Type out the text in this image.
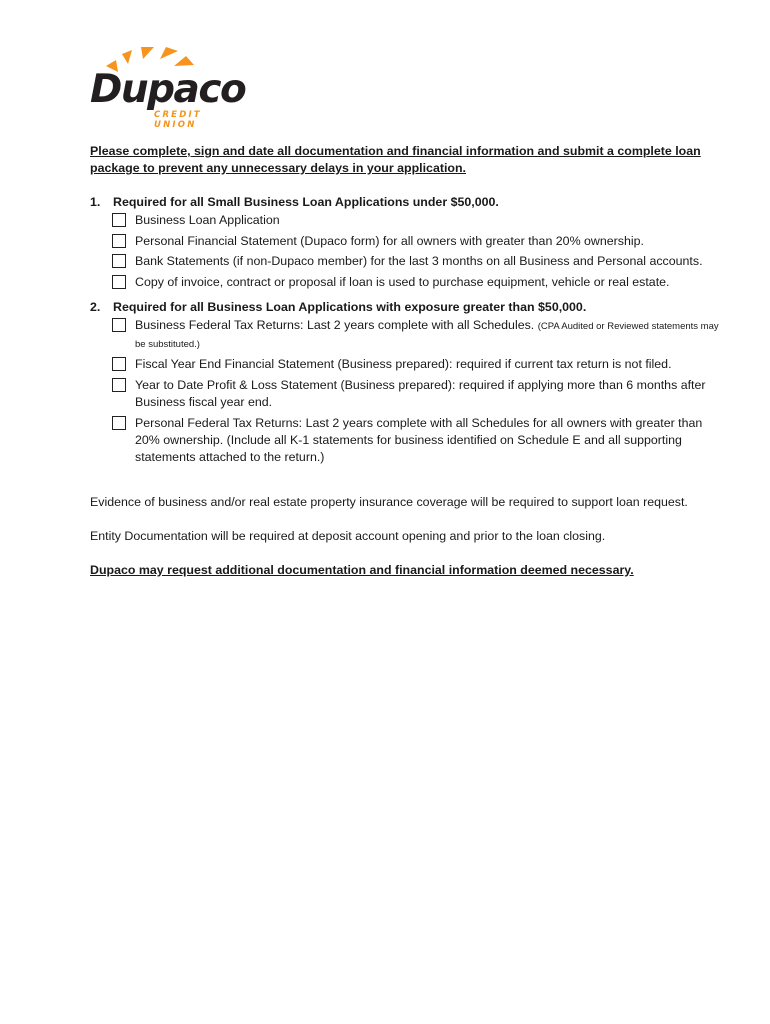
Dupaco
CREDIT UNION

Please complete, sign and date all documentation and financial information and submit a complete loan package to prevent any unnecessary delays in your application.

1.	Required for all Small Business Loan Applications under $50,000.
Business Loan Application
Personal Financial Statement (Dupaco form) for all owners with greater than 20% ownership.
Bank Statements (if non-Dupaco member) for the last 3 months on all Business and Personal accounts.
Copy of invoice, contract or proposal if loan is used to purchase equipment, vehicle or real estate.
2.	Required for all Business Loan Applications with exposure greater than $50,000.
Business Federal Tax Returns: Last 2 years complete with all Schedules. (CPA Audited or Reviewed statements may be substituted.)
Fiscal Year End Financial Statement (Business prepared): required if current tax return is not filed.
Year to Date Profit & Loss Statement (Business prepared): required if applying more than 6 months after Business fiscal year end.
Personal Federal Tax Returns: Last 2 years complete with all Schedules for all owners with greater than 20% ownership. (Include all K-1 statements for business identified on Schedule E and all supporting statements attached to the return.)

Evidence of business and/or real estate property insurance coverage will be required to support loan request.

Entity Documentation will be required at deposit account opening and prior to the loan closing.

Dupaco may request additional documentation and financial information deemed necessary.
